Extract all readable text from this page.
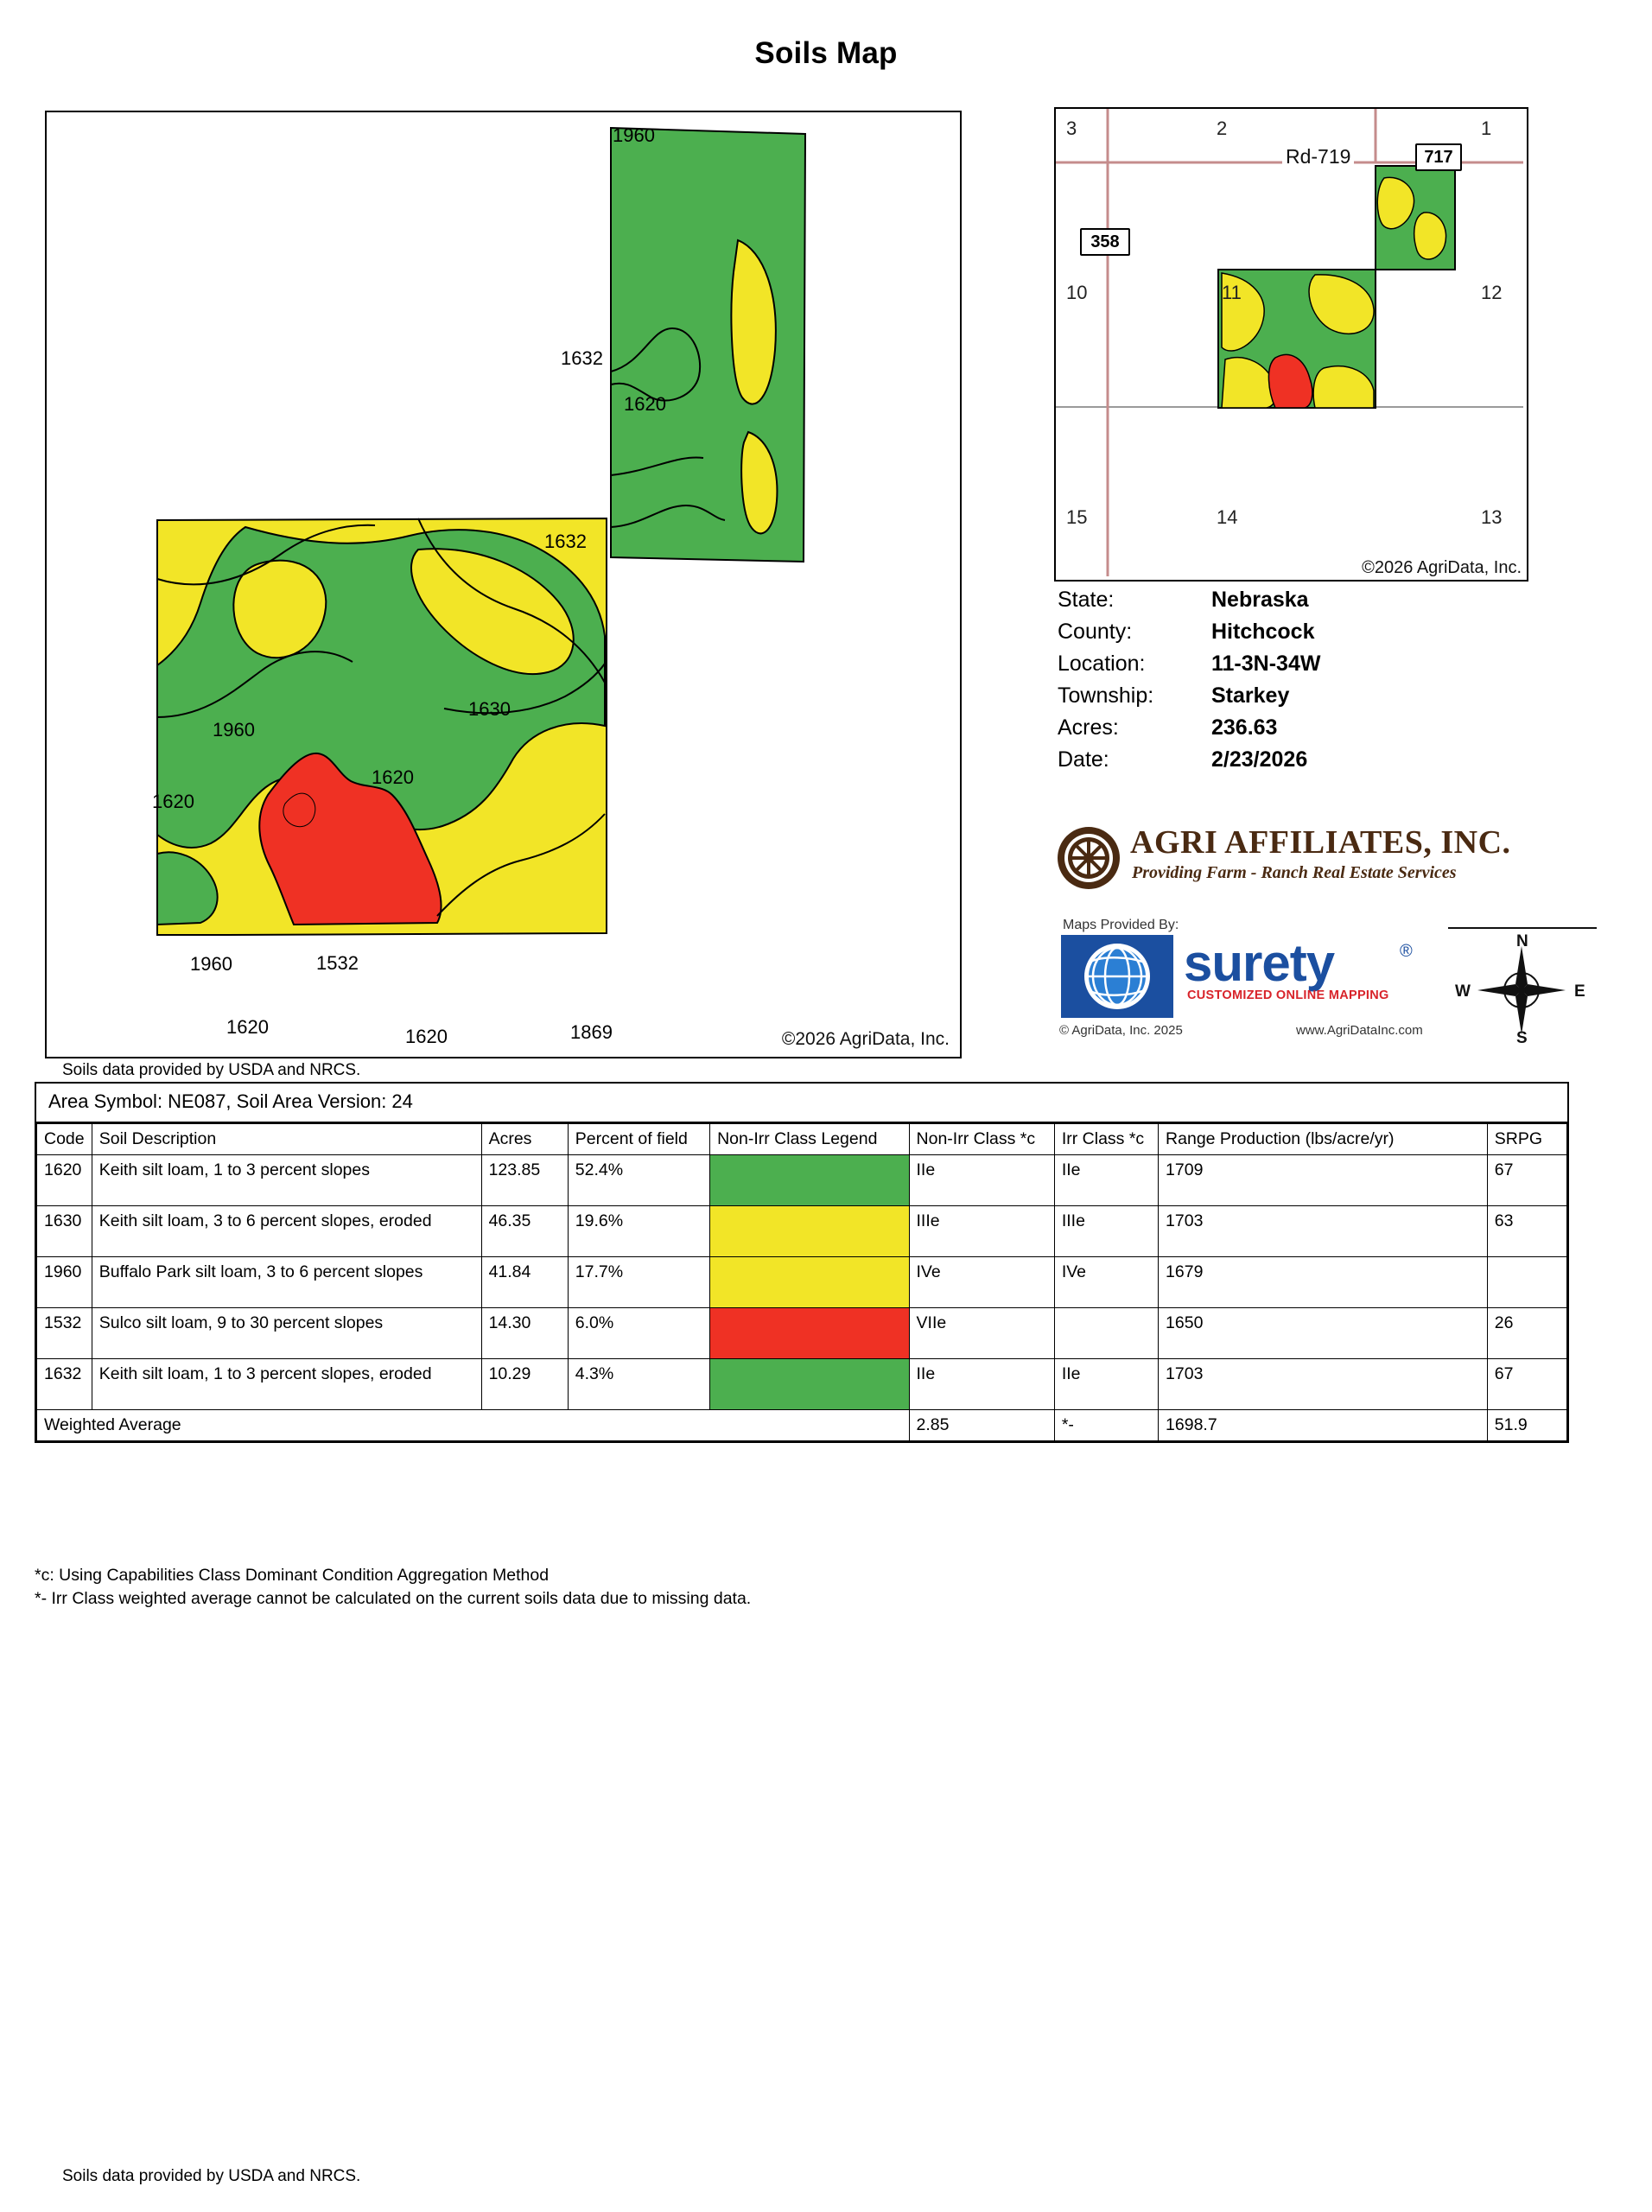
Soils Map
1960
1632
1620
1632
1630
1960
1620
1620
1960	1532
1620	1620	1869	©2026 AgriData, Inc.
Soils data provided by USDA and NRCS.
3	2	1
10	11	12
15	14	13
Rd-719	717
358
©2026 AgriData, Inc.
State:	Nebraska
County:	Hitchcock
Location:	11-3N-34W
Township:	Starkey
Acres:	236.63
Date:	2/23/2026
AGRI AFFILIATES, INC.
Providing Farm - Ranch Real Estate Services
Maps Provided By:
surety	®
CUSTOMIZED ONLINE MAPPING
© AgriData, Inc. 2025	www.AgriDataInc.com
N
S
E
W
Area Symbol: NE087, Soil Area Version: 24
Code	Soil Description	Acres	Percent of field	Non-Irr Class Legend	Non-Irr Class *c	Irr Class *c	Range Production (lbs/acre/yr)	SRPG
1620	Keith silt loam, 1 to 3 percent slopes	123.85	52.4%		IIe	IIe	1709	67
1630	Keith silt loam, 3 to 6 percent slopes, eroded	46.35	19.6%		IIIe	IIIe	1703	63
1960	Buffalo Park silt loam, 3 to 6 percent slopes	41.84	17.7%		IVe	IVe	1679	
1532	Sulco silt loam, 9 to 30 percent slopes	14.30	6.0%		VIIe		1650	26
1632	Keith silt loam, 1 to 3 percent slopes, eroded	10.29	4.3%		IIe	IIe	1703	67
Weighted Average					2.85	*-	1698.7	51.9
*c: Using Capabilities Class Dominant Condition Aggregation Method
*- Irr Class weighted average cannot be calculated on the current soils data due to missing data.
Soils data provided by USDA and NRCS.
